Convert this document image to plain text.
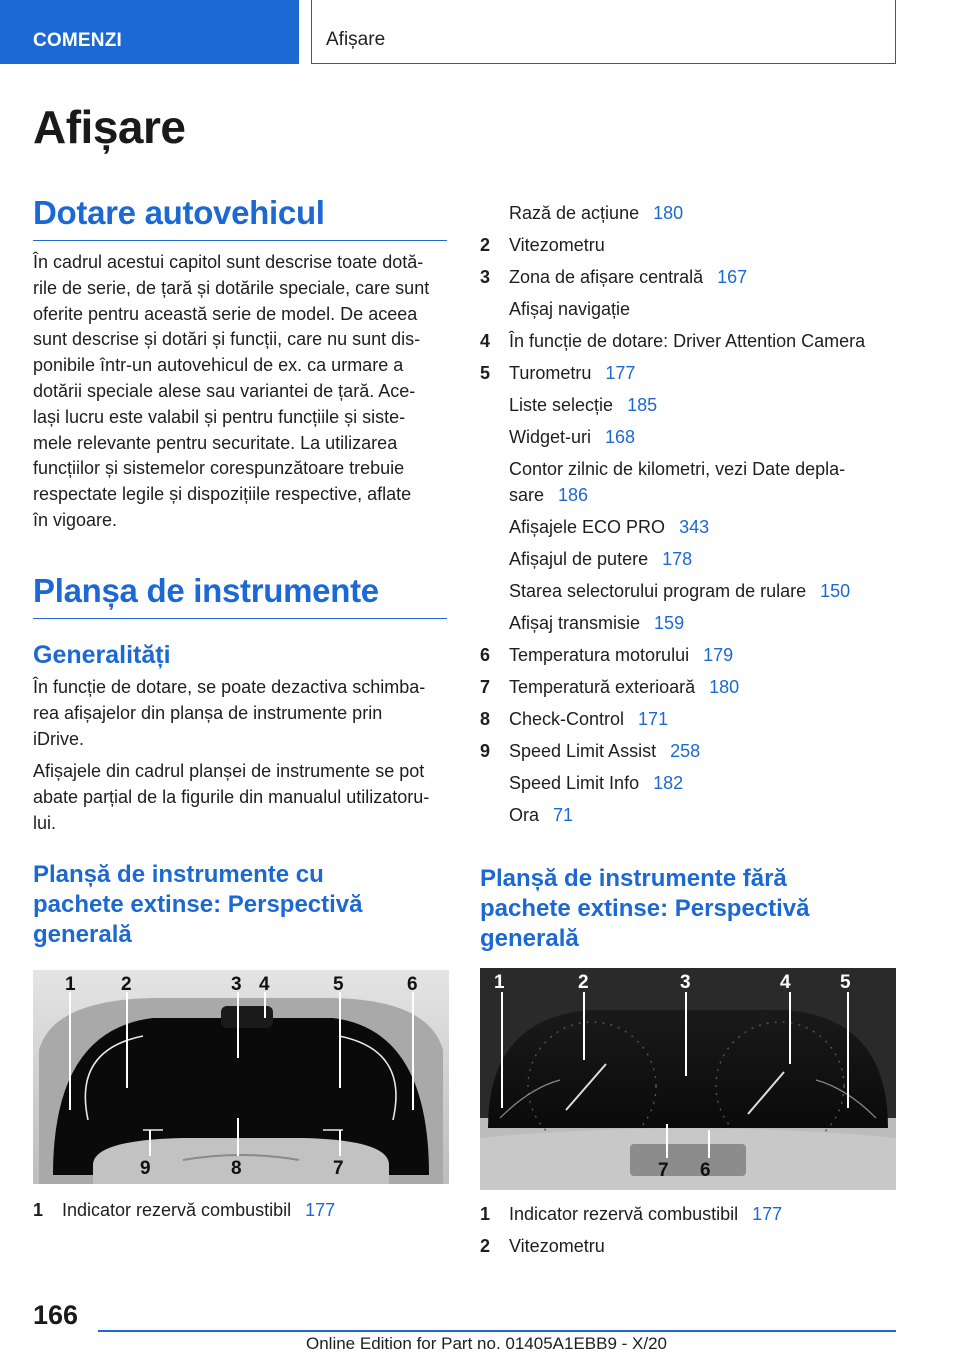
COMENZI	Afișare
Afișare
Dotare autovehicul
În cadrul acestui capitol sunt descrise toate dotă-
rile de serie, de țară și dotările speciale, care sunt
oferite pentru această serie de model. De aceea
sunt descrise și dotări și funcții, care nu sunt dis-
ponibile într-un autovehicul de ex. ca urmare a
dotării speciale alese sau variantei de țară. Ace-
lași lucru este valabil și pentru funcțiile și siste-
mele relevante pentru securitate. La utilizarea
funcțiilor și sistemelor corespunzătoare trebuie
respectate legile și dispozițiile respective, aflate
în vigoare.
Planșa de instrumente
Generalități
În funcție de dotare, se poate dezactiva schimba-
rea afișajelor din planșa de instrumente prin
iDrive.
Afișajele din cadrul planșei de instrumente se pot
abate parțial de la figurile din manualul utilizatoru-
lui.
Planșă de instrumente cu
pachete extinse: Perspectivă
generală
1 2	3 4	5	6
9	8	7
1	Indicator rezervă combustibil 177
Rază de acțiune 180
2	Vitezometru
3	Zona de afișare centrală 167
Afișaj navigație
4	În funcție de dotare: Driver Attention Camera
5	Turometru 177
Liste selecție 185
Widget-uri 168
Contor zilnic de kilometri, vezi Date depla-
sare 186
Afișajele ECO PRO 343
Afișajul de putere 178
Starea selectorului program de rulare 150
Afișaj transmisie 159
6	Temperatura motorului 179
7	Temperatură exterioară 180
8	Check-Control 171
9	Speed Limit Assist 258
Speed Limit Info 182
Ora 71
Planșă de instrumente fără
pachete extinse: Perspectivă
generală
1	2	3	4	5
7 6
1	Indicator rezervă combustibil 177
2	Vitezometru
166
Online Edition for Part no. 01405A1EBB9 - X/20
